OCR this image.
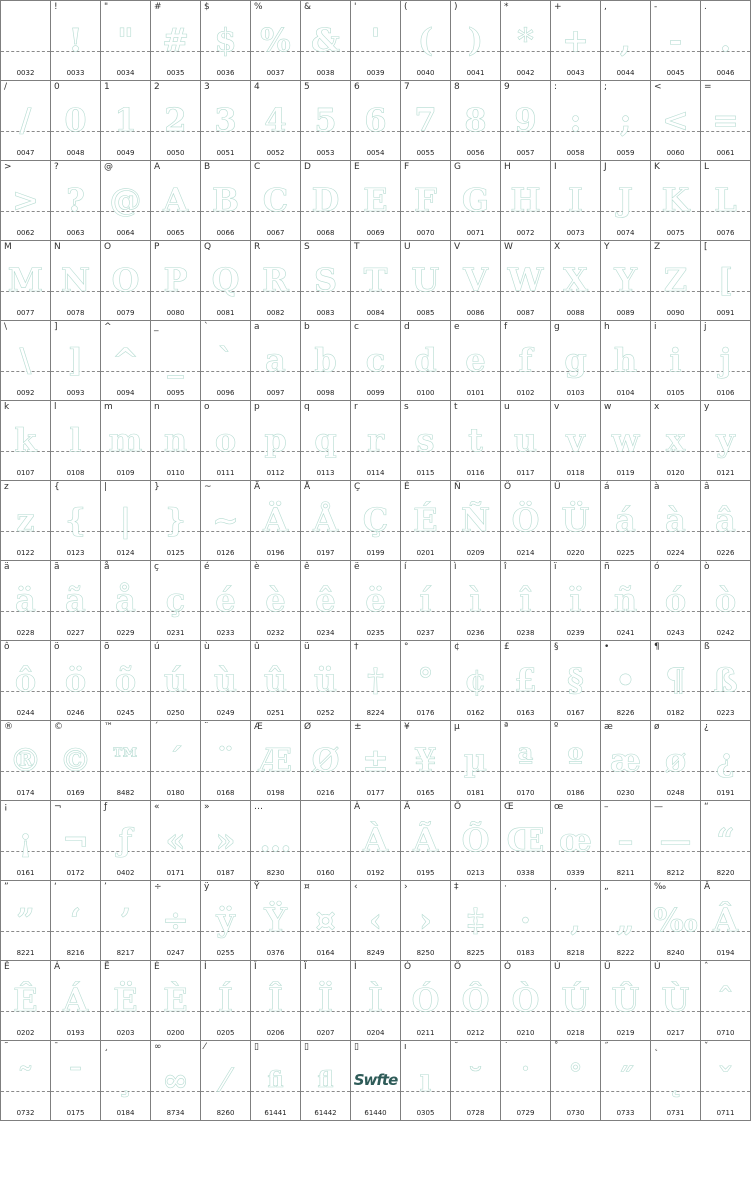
0032
!
!
0033
"
"
0034
#
#
0035
$
$
0036
%
%
0037
&
&
0038
'
'
0039
(
(
0040
)
)
0041
*
*
0042
+
+
0043
,
,
0044
-
-
0045
.
.
0046
/
/
0047
0
0
0048
1
1
0049
2
2
0050
3
3
0051
4
4
0052
5
5
0053
6
6
0054
7
7
0055
8
8
0056
9
9
0057
:
:
0058
;
;
0059
<
<
0060
=
=
0061
>
>
0062
?
?
0063
@
@
0064
A
A
0065
B
B
0066
C
C
0067
D
D
0068
E
E
0069
F
F
0070
G
G
0071
H
H
0072
I
I
0073
J
J
0074
K
K
0075
L
L
0076
M
M
0077
N
N
0078
O
O
0079
P
P
0080
Q
Q
0081
R
R
0082
S
S
0083
T
T
0084
U
U
0085
V
V
0086
W
W
0087
X
X
0088
Y
Y
0089
Z
Z
0090
[
[
0091
\
\
0092
]
]
0093
^
^
0094
_
_
0095
`
`
0096
a
a
0097
b
b
0098
c
c
0099
d
d
0100
e
e
0101
f
f
0102
g
g
0103
h
h
0104
i
i
0105
j
j
0106
k
k
0107
l
l
0108
m
m
0109
n
n
0110
o
o
0111
p
p
0112
q
q
0113
r
r
0114
s
s
0115
t
t
0116
u
u
0117
v
v
0118
w
w
0119
x
x
0120
y
y
0121
z
z
0122
{
{
0123
|
|
0124
}
}
0125
~
~
0126
Ä
Ä
0196
Å
Å
0197
Ç
Ç
0199
É
É
0201
Ñ
Ñ
0209
Ö
Ö
0214
Ü
Ü
0220
á
á
0225
à
à
0224
â
â
0226
ä
ä
0228
ã
ã
0227
å
å
0229
ç
ç
0231
é
é
0233
è
è
0232
ê
ê
0234
ë
ë
0235
í
í
0237
ì
ì
0236
î
î
0238
ï
ï
0239
ñ
ñ
0241
ó
ó
0243
ò
ò
0242
ô
ô
0244
ö
ö
0246
õ
õ
0245
ú
ú
0250
ù
ù
0249
û
û
0251
ü
ü
0252
†
†
8224
°
°
0176
¢
¢
0162
£
£
0163
§
§
0167
•
•
8226
¶
¶
0182
ß
ß
0223
®
®
0174
©
©
0169
™
™
8482
´
´
0180
¨
¨
0168
Æ
Æ
0198
Ø
Ø
0216
±
±
0177
¥
¥
0165
µ
µ
0181
ª
ª
0170
º
º
0186
æ
æ
0230
ø
ø
0248
¿
¿
0191
¡
¡
0161
¬
¬
0172
ƒ
ƒ
0402
«
«
0171
»
»
0187
…
…
8230	0160
À
À
0192
Ã
Ã
0195
Õ
Õ
0213
Œ
Œ
0338
œ
œ
0339
–
–
8211
—
—
8212
“
“
8220
”
”
8221
‘
‘
8216
’
’
8217
÷
÷
0247
ÿ
ÿ
0255
Ÿ
Ÿ
0376
¤
¤
0164
‹
‹
8249
›
›
8250
‡
‡
8225
·
·
0183
‚
‚
8218
„
„
8222
‰
‰
8240
Â
Â
0194
Ê
Ê
0202
Á
Á
0193
Ë
Ë
0203
È
È
0200
Í
Í
0205
Î
Î
0206
Ï
Ï
0207
Ì
Ì
0204
Ó
Ó
0211
Ô
Ô
0212
Ò
Ò
0210
Ú
Ú
0218
Û
Û
0219
Ù
Ù
0217
ˆ
ˆ
0710
˜
˜
0732
¯
¯
0175
¸
¸
0184
∞
∞
8734
⁄
⁄
8260
▯
fi
61441
▯
fl
61442
▯
Swfte
61440
ı
ı
0305
˘
˘
0728
˙
˙
0729
˚
˚
0730
˝
˝
0733
˛
˛
0731
ˇ
ˇ
0711
